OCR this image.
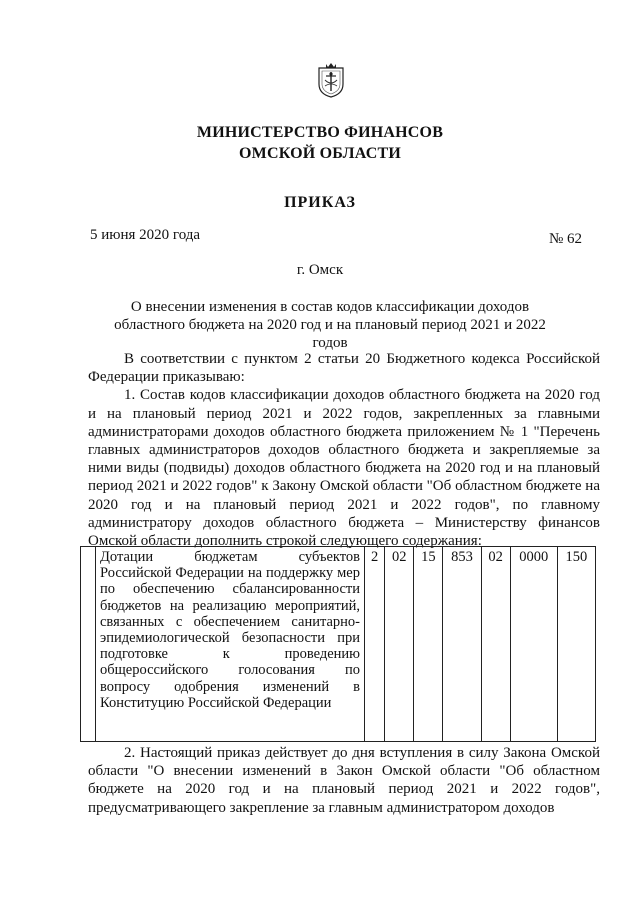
МИНИСТЕРСТВО ФИНАНСОВ
ОМСКОЙ ОБЛАСТИ
ПРИКАЗ
5 июня 2020 года	№ 62
г. Омск
О внесении изменения в состав кодов классификации доходов областного бюджета на 2020 год и на плановый период 2021 и 2022 годов
В соответствии с пунктом 2 статьи 20 Бюджетного кодекса Российской Федерации приказываю:
1. Состав кодов классификации доходов областного бюджета на 2020 год и на плановый период 2021 и 2022 годов, закрепленных за главными администраторами доходов областного бюджета приложением № 1 "Перечень главных администраторов доходов областного бюджета и закрепляемые за ними виды (подвиды) доходов областного бюджета на 2020 год и на плановый период 2021 и 2022 годов" к Закону Омской области "Об областном бюджете на 2020 год и на плановый период 2021 и 2022 годов", по главному администратору доходов областного бюджета – Министерству финансов Омской области дополнить строкой следующего содержания:
	Дотации бюджетам субъектов Российской Федерации на поддержку мер по обеспечению сбалансированности бюджетов на реализацию мероприятий, связанных с обеспечением санитарно-эпидемиологической безопасности при подготовке к проведению общероссийского голосования по вопросу одобрения изменений в Конституцию Российской Федерации	2	02	15	853	02	0000	150
2. Настоящий приказ действует до дня вступления в силу Закона Омской области "О внесении изменений в Закон Омской области "Об областном бюджете на 2020 год и на плановый период 2021 и 2022 годов", предусматривающего закрепление за главным администратором доходов
